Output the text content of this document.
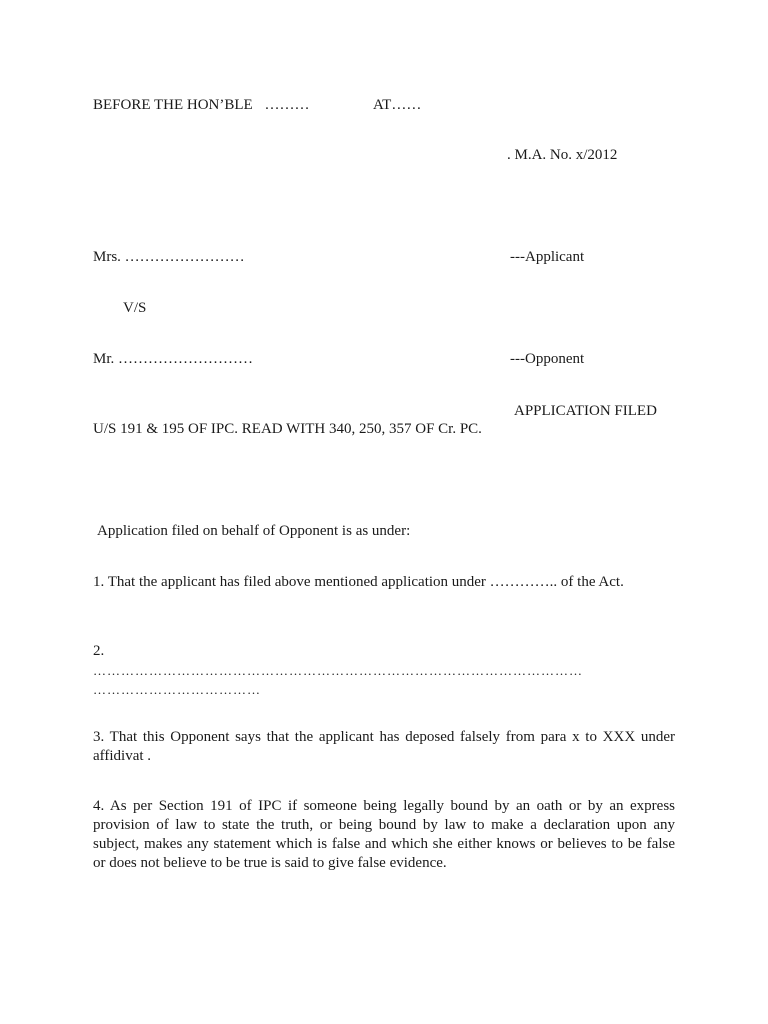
BEFORE THE HON’BLE ………	AT……
. M.A. No. x/2012
Mrs. ……………………	---Applicant
V/S
Mr. ………………………	---Opponent
APPLICATION FILED
U/S 191 & 195 OF IPC. READ WITH 340, 250, 357 OF Cr. PC.
Application filed on behalf of Opponent is as under:
1. That the applicant has filed above mentioned application under ………….. of the Act.
2.
……………………………………………………………………………………………
………………………………
3. That this Opponent says that the applicant has deposed falsely from para x to XXX under affidivat .
4. As per Section 191 of IPC if someone being legally bound by an oath or by an express provision of law to state the truth, or being bound by law to make a declaration upon any subject, makes any statement which is false and which she either knows or believes to be false or does not believe to be true is said to give false evidence.
